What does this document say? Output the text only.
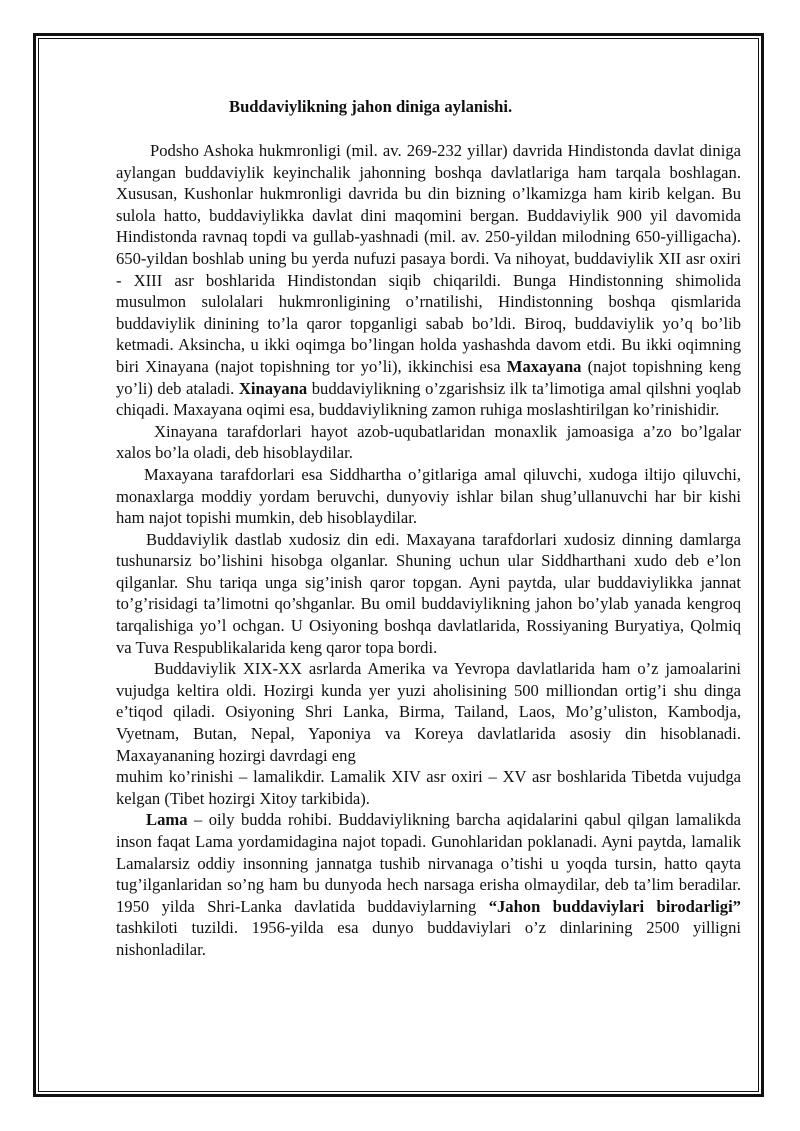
Buddaviylikning jahon diniga aylanishi.

Podsho Ashoka hukmronligi (mil. av. 269-232 yillar) davrida Hindistonda davlat diniga aylangan buddaviylik keyinchalik jahonning boshqa davlatlariga ham tarqala boshlagan. Xususan, Kushonlar hukmronligi davrida bu din bizning o’lkamizga ham kirib kelgan. Bu sulola hatto, buddaviylikka davlat dini maqomini bergan. Buddaviylik 900 yil davomida Hindistonda ravnaq topdi va gullab-yashnadi (mil. av. 250-yildan milodning 650-yilligacha). 650-yildan boshlab uning bu yerda nufuzi pasaya bordi. Va nihoyat, buddaviylik XII asr oxiri - XIII asr boshlarida Hindistondan siqib chiqarildi. Bunga Hindistonning shimolida musulmon sulolalari hukmronligining o’rnatilishi, Hindistonning boshqa qismlarida buddaviylik dinining to’la qaror topganligi sabab bo’ldi. Biroq, buddaviylik yo’q bo’lib ketmadi. Aksincha, u ikki oqimga bo’lingan holda yashashda davom etdi. Bu ikki oqimning biri Xinayana (najot topishning tor yo’li), ikkinchisi esa Maxayana (najot topishning keng yo’li) deb ataladi. Xinayana buddaviylikning o’zgarishsiz ilk ta’limotiga amal qilshni yoqlab chiqadi. Maxayana oqimi esa, buddaviylikning zamon ruhiga moslashtirilgan ko’rinishidir.

Xinayana tarafdorlari hayot azob-uqubatlaridan monaxlik jamoasiga a’zo bo’lgalar xalos bo’la oladi, deb hisoblaydilar.

Maxayana tarafdorlari esa Siddhartha o’gitlariga amal qiluvchi, xudoga iltijo qiluvchi, monaxlarga moddiy yordam beruvchi, dunyoviy ishlar bilan shug’ullanuvchi har bir kishi ham najot topishi mumkin, deb hisoblaydilar.

Buddaviylik dastlab xudosiz din edi. Maxayana tarafdorlari xudosiz dinning damlarga tushunarsiz bo’lishini hisobga olganlar. Shuning uchun ular Siddharthani xudo deb e’lon qilganlar. Shu tariqa unga sig’inish qaror topgan. Ayni paytda, ular buddaviylikka jannat to’g’risidagi ta’limotni qo’shganlar. Bu omil buddaviylikning jahon bo’ylab yanada kengroq tarqalishiga yo’l ochgan. U Osiyoning boshqa davlatlarida, Rossiyaning Buryatiya, Qolmiq va Tuva Respublikalarida keng qaror topa bordi.

Buddaviylik XIX-XX asrlarda Amerika va Yevropa davlatlarida ham o’z jamoalarini vujudga keltira oldi. Hozirgi kunda yer yuzi aholisining 500 milliondan ortig’i shu dinga e’tiqod qiladi. Osiyoning Shri Lanka, Birma, Tailand, Laos, Mo’g’uliston, Kambodja, Vyetnam, Butan, Nepal, Yaponiya va Koreya davlatlarida asosiy din hisoblanadi. Maxayananing hozirgi davrdagi eng

muhim ko’rinishi – lamalikdir. Lamalik XIV asr oxiri – XV asr boshlarida Tibetda vujudga kelgan (Tibet hozirgi Xitoy tarkibida).

Lama – oily budda rohibi. Buddaviylikning barcha aqidalarini qabul qilgan lamalikda inson faqat Lama yordamidagina najot topadi. Gunohlaridan poklanadi. Ayni paytda, lamalik Lamalarsiz oddiy insonning jannatga tushib nirvanaga o’tishi u yoqda tursin, hatto qayta tug’ilganlaridan so’ng ham bu dunyoda hech narsaga erisha olmaydilar, deb ta’lim beradilar. 1950 yilda Shri-Lanka davlatida buddaviylarning “Jahon buddaviylari birodarligi” tashkiloti tuzildi. 1956-yilda esa dunyo buddaviylari o’z dinlarining 2500 yilligni nishonladilar.
